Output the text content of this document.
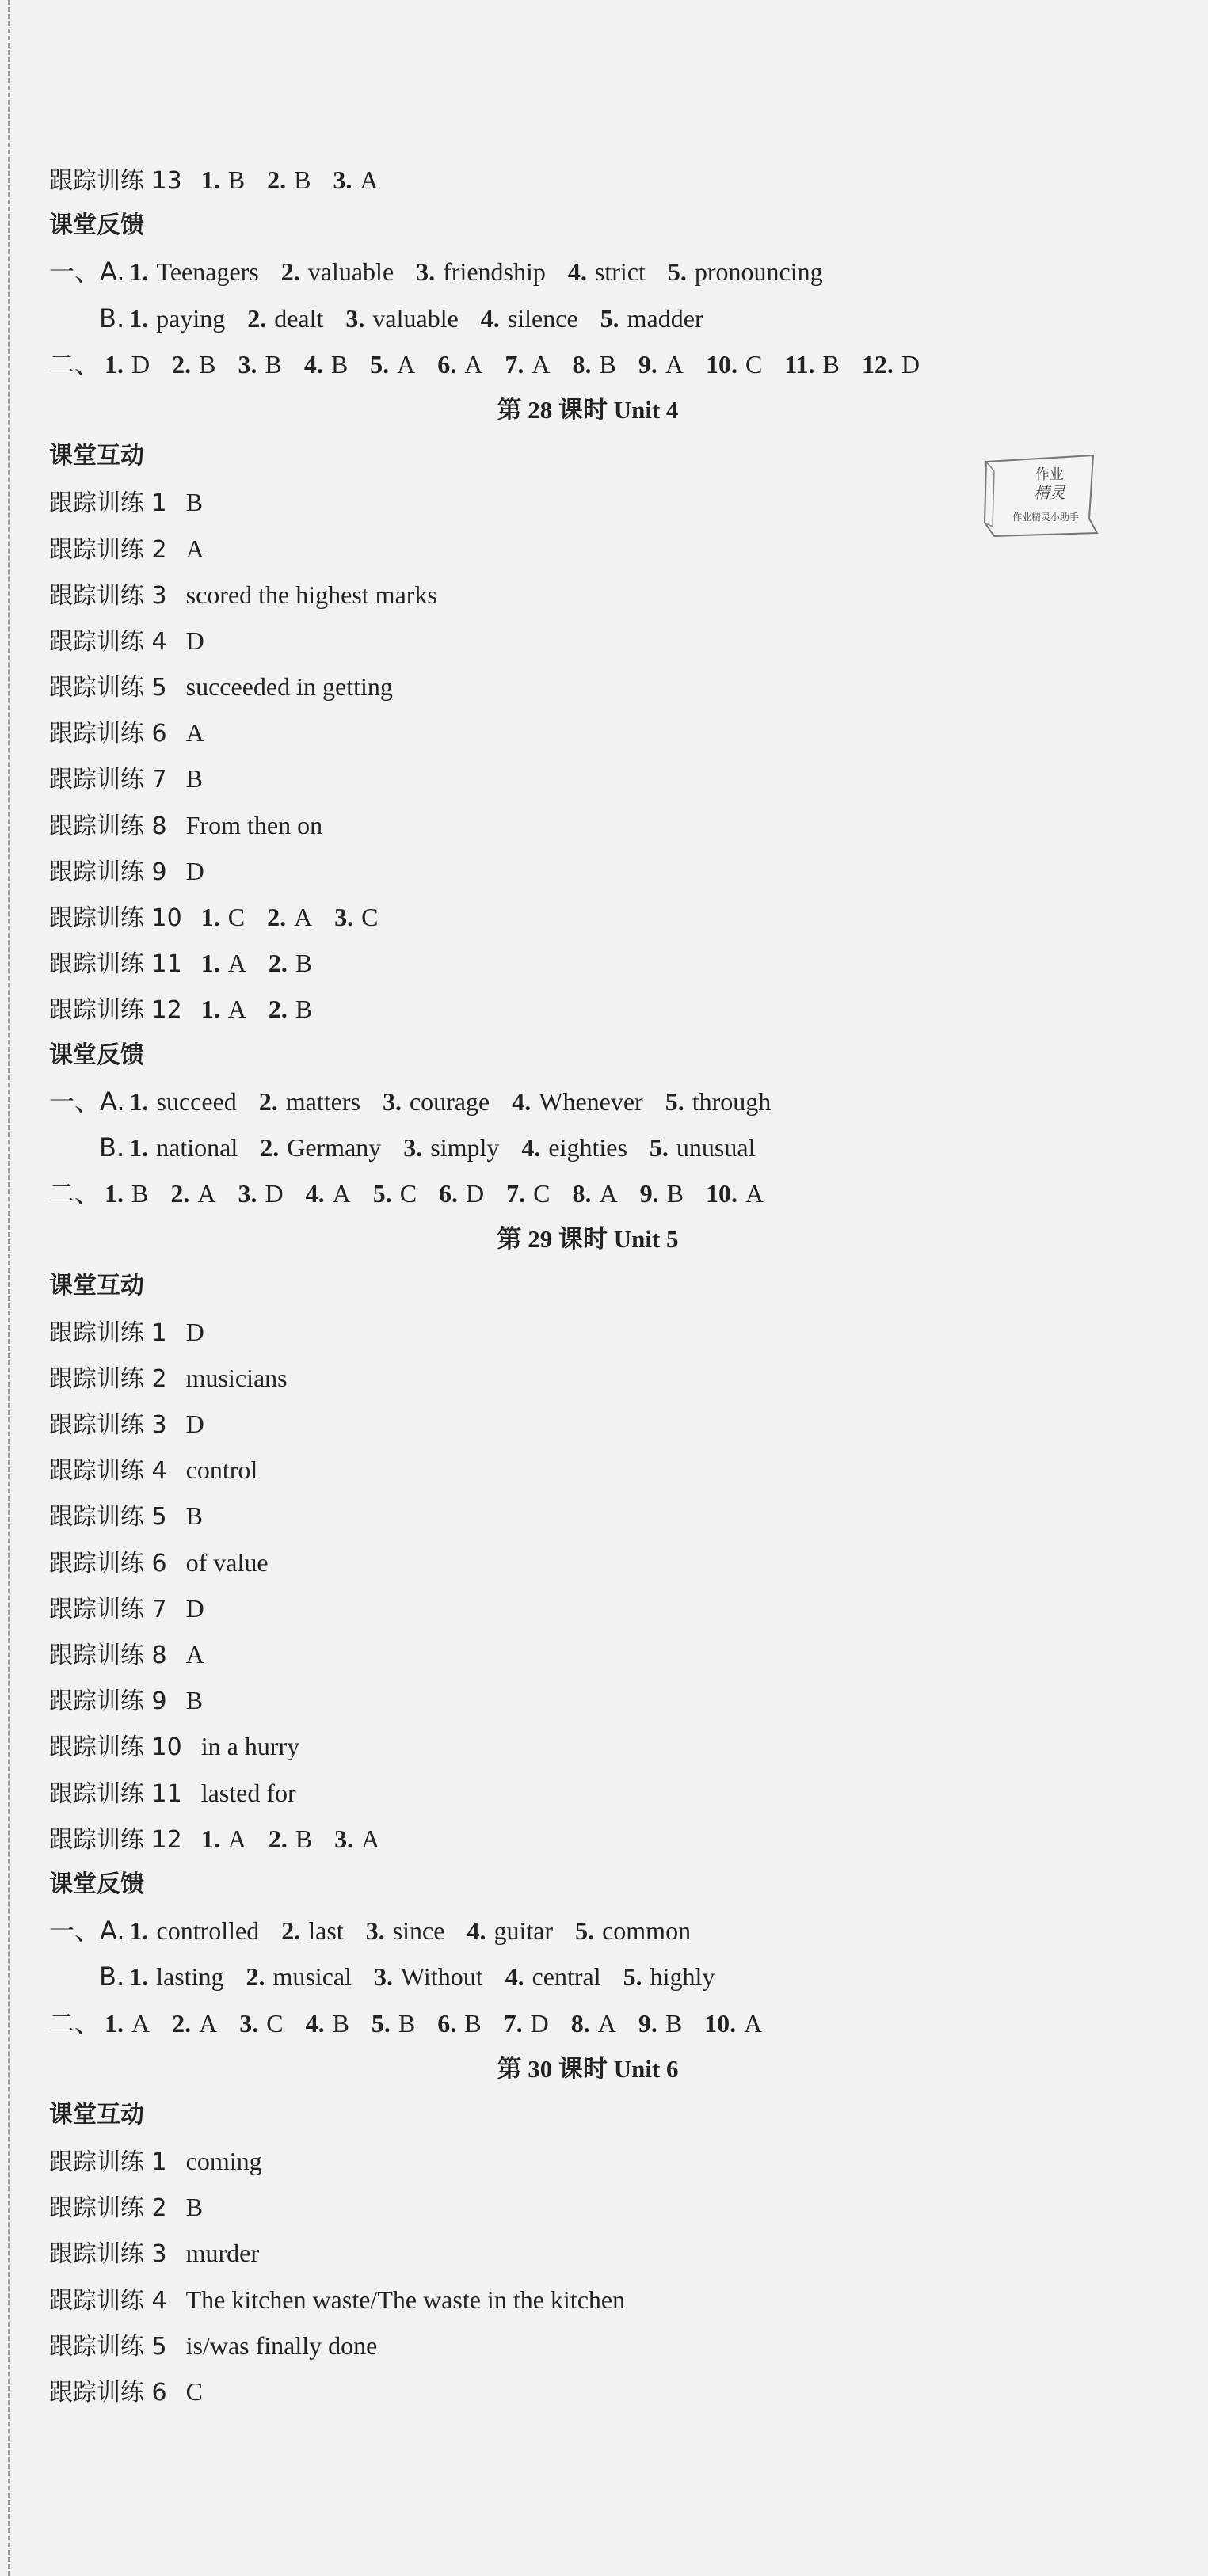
跟踪训练 13 1. B 2. B 3. A
课堂反馈
一、A. 1. Teenagers 2. valuable 3. friendship 4. strict 5. pronouncing
B. 1. paying 2. dealt 3. valuable 4. silence 5. madder
二、 1. D 2. B 3. B 4. B 5. A 6. A 7. A 8. B 9. A 10. C 11. B 12. D
第 28 课时 Unit 4
课堂互动
跟踪训练 1 B
跟踪训练 2 A
跟踪训练 3 scored the highest marks
跟踪训练 4 D
跟踪训练 5 succeeded in getting
跟踪训练 6 A
跟踪训练 7 B
跟踪训练 8 From then on
跟踪训练 9 D
跟踪训练 10 1. C 2. A 3. C
跟踪训练 11 1. A 2. B
跟踪训练 12 1. A 2. B
课堂反馈
一、A. 1. succeed 2. matters 3. courage 4. Whenever 5. through
B. 1. national 2. Germany 3. simply 4. eighties 5. unusual
二、 1. B 2. A 3. D 4. A 5. C 6. D 7. C 8. A 9. B 10. A
第 29 课时 Unit 5
课堂互动
跟踪训练 1 D
跟踪训练 2 musicians
跟踪训练 3 D
跟踪训练 4 control
跟踪训练 5 B
跟踪训练 6 of value
跟踪训练 7 D
跟踪训练 8 A
跟踪训练 9 B
跟踪训练 10 in a hurry
跟踪训练 11 lasted for
跟踪训练 12 1. A 2. B 3. A
课堂反馈
一、A. 1. controlled 2. last 3. since 4. guitar 5. common
B. 1. lasting 2. musical 3. Without 4. central 5. highly
二、 1. A 2. A 3. C 4. B 5. B 6. B 7. D 8. A 9. B 10. A
第 30 课时 Unit 6
课堂互动
跟踪训练 1 coming
跟踪训练 2 B
跟踪训练 3 murder
跟踪训练 4 The kitchen waste/The waste in the kitchen
跟踪训练 5 is/was finally done
跟踪训练 6 C
作业
精灵
作业精灵小助手
